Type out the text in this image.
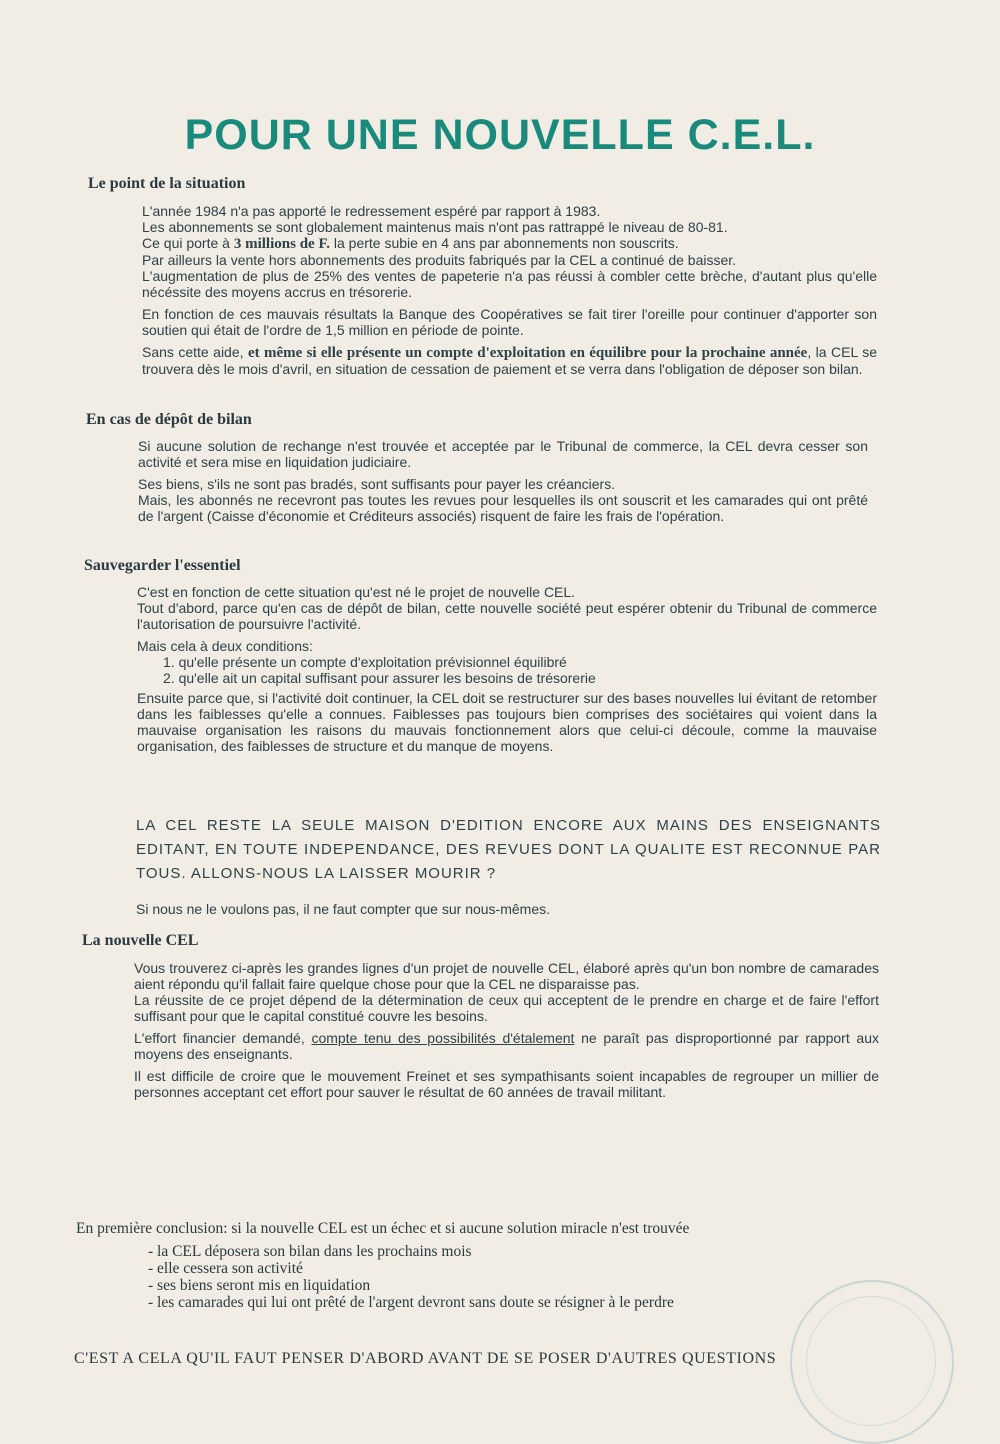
POUR UNE NOUVELLE C.E.L.
Le point de la situation

L'année 1984 n'a pas apporté le redressement espéré par rapport à 1983.

Les abonnements se sont globalement maintenus mais n'ont pas rattrappé le niveau de 80-81.

Ce qui porte à 3 millions de F. la perte subie en 4 ans par abonnements non souscrits.

Par ailleurs la vente hors abonnements des produits fabriqués par la CEL a continué de baisser.

L'augmentation de plus de 25% des ventes de papeterie n'a pas réussi à combler cette brèche, d'autant plus qu'elle nécéssite des moyens accrus en trésorerie.

En fonction de ces mauvais résultats la Banque des Coopératives se fait tirer l'oreille pour continuer d'apporter son soutien qui était de l'ordre de 1,5 million en période de pointe.

Sans cette aide, et même si elle présente un compte d'exploitation en équilibre pour la prochaine année, la CEL se trouvera dès le mois d'avril, en situation de cessation de paiement et se verra dans l'obligation de déposer son bilan.

En cas de dépôt de bilan

Si aucune solution de rechange n'est trouvée et acceptée par le Tribunal de commerce, la CEL devra cesser son activité et sera mise en liquidation judiciaire.

Ses biens, s'ils ne sont pas bradés, sont suffisants pour payer les créanciers.

Mais, les abonnés ne recevront pas toutes les revues pour lesquelles ils ont souscrit et les camarades qui ont prêté de l'argent (Caisse d'économie et Créditeurs associés) risquent de faire les frais de l'opération.

Sauvegarder l'essentiel

C'est en fonction de cette situation qu'est né le projet de nouvelle CEL.

Tout d'abord, parce qu'en cas de dépôt de bilan, cette nouvelle société peut espérer obtenir du Tribunal de commerce l'autorisation de poursuivre l'activité.

Mais cela à deux conditions:

1. qu'elle présente un compte d'exploitation prévisionnel équilibré
2. qu'elle ait un capital suffisant pour assurer les besoins de trésorerie

Ensuite parce que, si l'activité doit continuer, la CEL doit se restructurer sur des bases nouvelles lui évitant de retomber dans les faiblesses qu'elle a connues. Faiblesses pas toujours bien comprises des sociétaires qui voient dans la mauvaise organisation les raisons du mauvais fonctionnement alors que celui-ci découle, comme la mauvaise organisation, des faiblesses de structure et du manque de moyens.

LA CEL RESTE LA SEULE MAISON D'EDITION ENCORE AUX MAINS DES ENSEIGNANTS EDITANT, EN TOUTE INDEPENDANCE, DES REVUES DONT LA QUALITE EST RECONNUE PAR TOUS. ALLONS-NOUS LA LAISSER MOURIR ?

Si nous ne le voulons pas, il ne faut compter que sur nous-mêmes.

La nouvelle CEL

Vous trouverez ci-après les grandes lignes d'un projet de nouvelle CEL, élaboré après qu'un bon nombre de camarades aient répondu qu'il fallait faire quelque chose pour que la CEL ne disparaisse pas.

La réussite de ce projet dépend de la détermination de ceux qui acceptent de le prendre en charge et de faire l'effort suffisant pour que le capital constitué couvre les besoins.

L'effort financier demandé, compte tenu des possibilités d'étalement ne paraît pas disproportionné par rapport aux moyens des enseignants.

Il est difficile de croire que le mouvement Freinet et ses sympathisants soient incapables de regrouper un millier de personnes acceptant cet effort pour sauver le résultat de 60 années de travail militant.

En première conclusion: si la nouvelle CEL est un échec et si aucune solution miracle n'est trouvée
- la CEL déposera son bilan dans les prochains mois
- elle cessera son activité
- ses biens seront mis en liquidation
- les camarades qui lui ont prêté de l'argent devront sans doute se résigner à le perdre

C'EST A CELA QU'IL FAUT PENSER D'ABORD AVANT DE SE POSER D'AUTRES QUESTIONS
